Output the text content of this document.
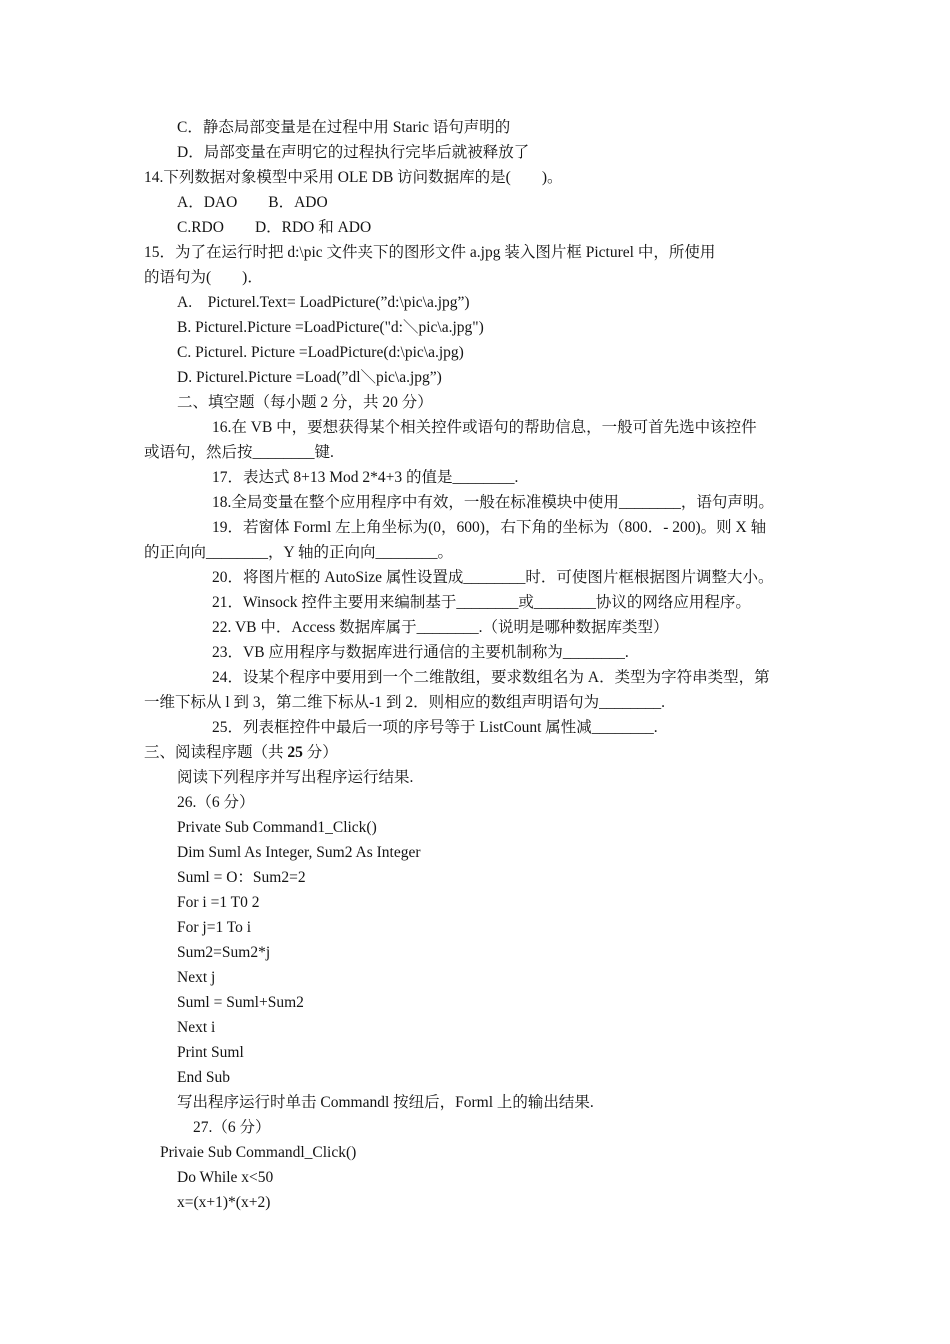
C．静态局部变量是在过程中用 Staric 语句声明的
D．局部变量在声明它的过程执行完毕后就被释放了
14.下列数据对象模型中采用 OLE DB 访问数据库的是(　　)。
A．DAO　　B．ADO
C.RDO　　D．RDO 和 ADO
15．为了在运行时把 d:\pic 文件夹下的图形文件 a.jpg 装入图片框 Picturel 中，所使用
的语句为(　　)．
A.　Picturel.Text= LoadPicture(”d:\pic\a.jpg”)
B. Picturel.Picture =LoadPicture("d:＼pic\a.jpg")
C. Picturel. Picture =LoadPicture(d:\pic\a.jpg)
D. Picturel.Picture =Load(”dl＼pic\a.jpg”)
二、填空题（每小题 2 分，共 20 分）
16.在 VB 中，要想获得某个相关控件或语句的帮助信息，一般可首先选中该控件
或语句，然后按________键.
17．表达式 8+13 Mod 2*4+3 的值是________.
18.全局变量在整个应用程序中有效，一般在标准模块中使用________，语句声明。
19．若窗体 Forml 左上角坐标为(0，600)，右下角的坐标为（800．- 200)。则 X 轴
的正向向________，Y 轴的正向向________。
20．将图片框的 AutoSize 属性设置成________时．可使图片框根据图片调整大小。
21．Winsock 控件主要用来编制基于________或________协议的网络应用程序。
22. VB 中．Access 数据库属于________.（说明是哪种数据库类型）
23．VB 应用程序与数据库进行通信的主要机制称为________.
24．设某个程序中要用到一个二维散组，要求数组名为 A．类型为字符串类型，第
一维下标从 l 到 3，第二维下标从-1 到 2．则相应的数组声明语句为________.
25．列表框控件中最后一项的序号等于 ListCount 属性减________.
三、阅读程序题（共 25 分）
阅读下列程序并写出程序运行结果.
26.（6 分）
Private Sub Command1_Click()
Dim Suml As Integer, Sum2 As Integer
Suml = O：Sum2=2
For i =1 T0 2
For j=1 To i
Sum2=Sum2*j
Next j
Suml = Suml+Sum2
Next i
Print Suml
End Sub
写出程序运行时单击 Commandl 按纽后，Forml 上的输出结果.
27.（6 分）
Privaie Sub Commandl_Click()
Do While x<50
x=(x+1)*(x+2)
